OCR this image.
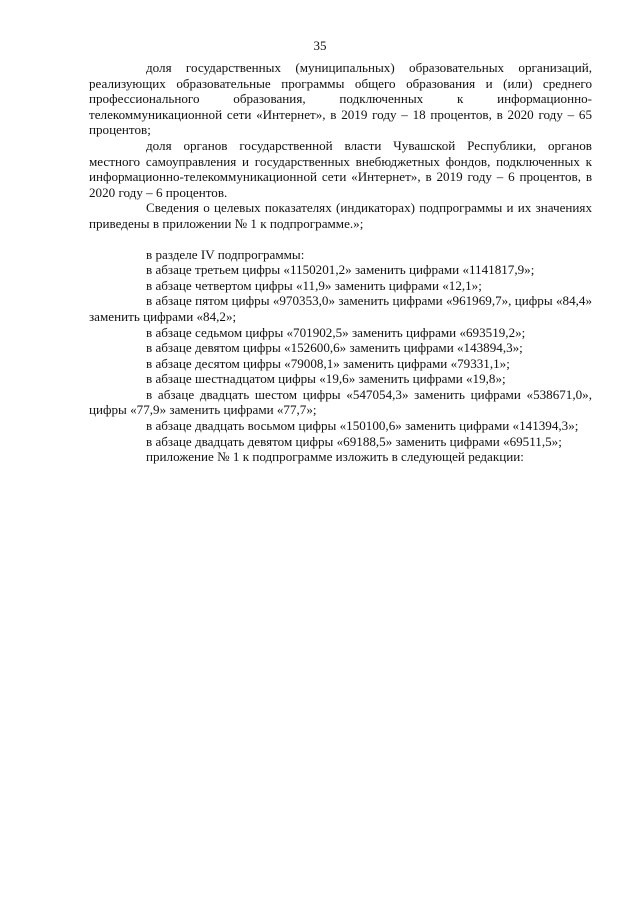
35

доля государственных (муниципальных) образовательных организаций, реализующих образовательные программы общего образования и (или) среднего профессионального образования, подключенных к информационно-телекоммуникационной сети «Интернет», в 2019 году – 18 процентов, в 2020 году – 65 процентов;

доля органов государственной власти Чувашской Республики, органов местного самоуправления и государственных внебюджетных фондов, подключенных к информационно-телекоммуникационной сети «Интернет», в 2019 году – 6 процентов, в 2020 году – 6 процентов.

Сведения о целевых показателях (индикаторах) подпрограммы и их значениях приведены в приложении № 1 к подпрограмме.»;

в разделе IV подпрограммы:

в абзаце третьем цифры «1150201,2» заменить цифрами «1141817,9»;

в абзаце четвертом цифры «11,9» заменить цифрами «12,1»;

в абзаце пятом цифры «970353,0» заменить цифрами «961969,7», цифры «84,4» заменить цифрами «84,2»;

в абзаце седьмом цифры «701902,5» заменить цифрами «693519,2»;

в абзаце девятом цифры «152600,6» заменить цифрами «143894,3»;

в абзаце десятом цифры «79008,1» заменить цифрами «79331,1»;

в абзаце шестнадцатом цифры «19,6» заменить цифрами «19,8»;

в абзаце двадцать шестом цифры «547054,3» заменить цифрами «538671,0», цифры «77,9» заменить цифрами «77,7»;

в абзаце двадцать восьмом цифры «150100,6» заменить цифрами «141394,3»;

в абзаце двадцать девятом цифры «69188,5» заменить цифрами «69511,5»;

приложение № 1 к подпрограмме изложить в следующей редакции:
